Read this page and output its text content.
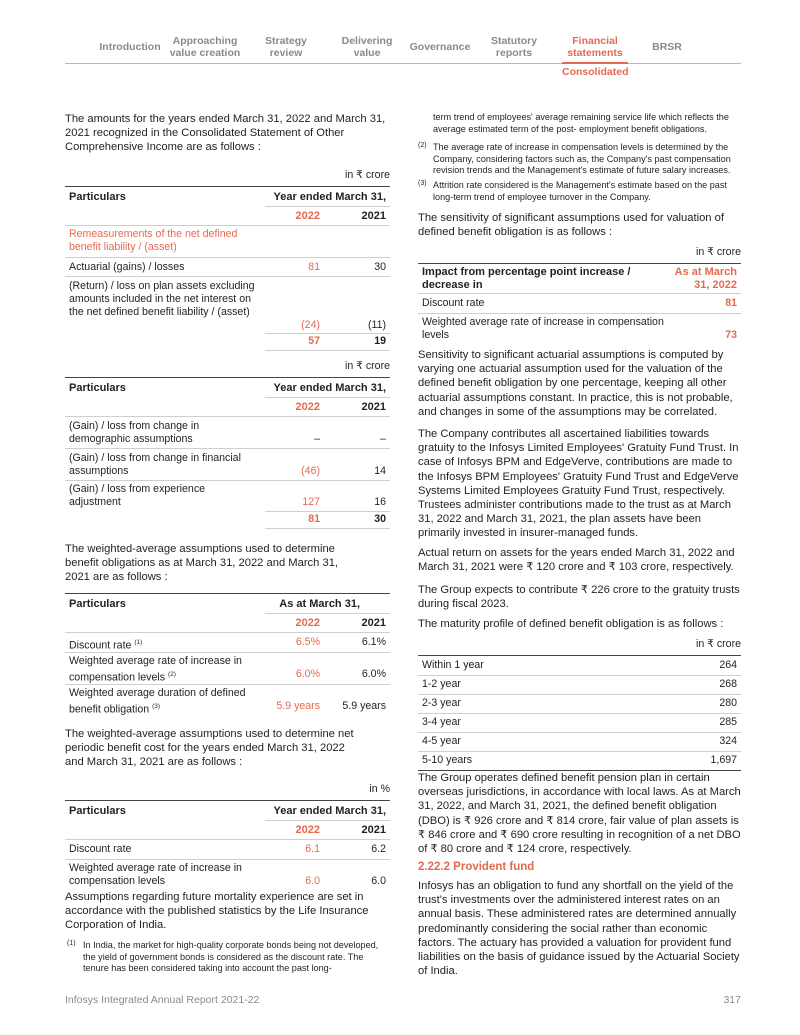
Introduction	Approaching value creation
Strategy review
Delivering value	Governance	Statutory reports
Financial statements	BRSR
Consolidated

The amounts for the years ended March 31, 2022 and March 31, 2021 recognized in the Consolidated Statement of Other Comprehensive Income are as follows :

in ₹ crore
Particulars	Year ended March 31,
2022	2021
Remeasurements of the net defined benefit liability / (asset)
Actuarial (gains) / losses	81	30
(Return) / loss on plan assets excluding amounts included in the net interest on the net defined benefit liability / (asset)
(24)	(11)
57	19
in ₹ crore
Particulars	Year ended March 31,
2022	2021
(Gain) / loss from change in demographic assumptions	–	–
(Gain) / loss from change in financial assumptions	(46)	14
(Gain) / loss from experience adjustment	127	16
81	30

The weighted-average assumptions used to determine benefit obligations as at March 31, 2022 and March 31, 2021 are as follows :

Particulars	As at March 31,
2022	2021
Discount rate $^{(1)}$	6.5%	6.1%
Weighted average rate of increase in compensation levels $^{(2)}$	6.0%	6.0%
Weighted average duration of defined benefit obligation $^{(3)}$	5.9 years 5.9 years

The weighted-average assumptions used to determine net periodic benefit cost for the years ended March 31, 2022 and March 31, 2021 are as follows :

in %
Particulars	Year ended March 31,
2022	2021
Discount rate	6.1	6.2
Weighted average rate of increase in compensation levels	6.0	6.0

Assumptions regarding future mortality experience are set in accordance with the published statistics by the Life Insurance Corporation of India.

(1) In India, the market for high-quality corporate bonds being not developed, the yield of government bonds is considered as the discount rate. The tenure has been considered taking into account the past long-
term trend of employees' average remaining service life which reflects the average estimated term of the post- employment benefit obligations.
(2) The average rate of increase in compensation levels is determined by the Company, considering factors such as, the Company's past compensation revision trends and the Management's estimate of future salary increases.
(3) Attrition rate considered is the Management's estimate based on the past long-term trend of employee turnover in the Company.

The sensitivity of significant assumptions used for valuation of defined benefit obligation is as follows :

in ₹ crore
Impact from percentage point increase / decrease in
As at March 31, 2022
Discount rate	81
Weighted average rate of increase in compensation levels	73

Sensitivity to significant actuarial assumptions is computed by varying one actuarial assumption used for the valuation of the defined benefit obligation by one percentage, keeping all other actuarial assumptions constant. In practice, this is not probable, and changes in some of the assumptions may be correlated.

The Company contributes all ascertained liabilities towards gratuity to the Infosys Limited Employees' Gratuity Fund Trust. In case of Infosys BPM and EdgeVerve, contributions are made to the Infosys BPM Employees' Gratuity Fund Trust and EdgeVerve Systems Limited Employees Gratuity Fund Trust, respectively. Trustees administer contributions made to the trust as at March 31, 2022 and March 31, 2021, the plan assets have been primarily invested in insurer-managed funds.

Actual return on assets for the years ended March 31, 2022 and March 31, 2021 were ₹ 120 crore and ₹ 103 crore, respectively.

The Group expects to contribute ₹ 226 crore to the gratuity trusts during fiscal 2023.

The maturity profile of defined benefit obligation is as follows :

in ₹ crore
Within 1 year	264
1-2 year	268
2-3 year	280
3-4 year	285
4-5 year	324
5-10 years	1,697

The Group operates defined benefit pension plan in certain overseas jurisdictions, in accordance with local laws. As at March 31, 2022, and March 31, 2021, the defined benefit obligation (DBO) is ₹ 926 crore and ₹ 814 crore, fair value of plan assets is ₹ 846 crore and ₹ 690 crore resulting in recognition of a net DBO of ₹ 80 crore and ₹ 124 crore, respectively.

2.22.2 Provident fund

Infosys has an obligation to fund any shortfall on the yield of the trust's investments over the administered interest rates on an annual basis. These administered rates are determined annually predominantly considering the social rather than economic factors. The actuary has provided a valuation for provident fund liabilities on the basis of guidance issued by the Actuarial Society of India.

Infosys Integrated Annual Report 2021-22	317
